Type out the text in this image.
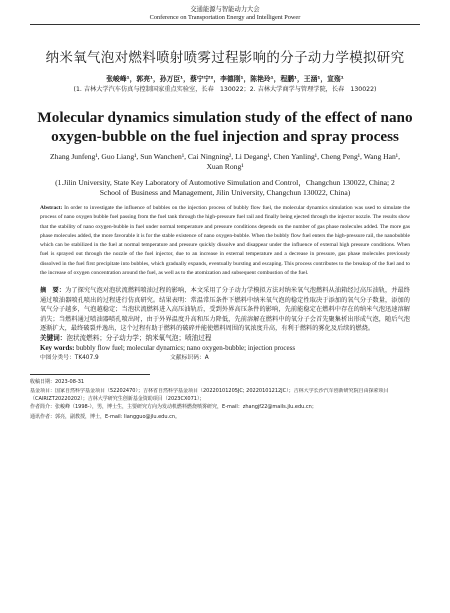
交通能源与智能动力大会
Conference on Transportation Energy and Intelligent Power
纳米氧气泡对燃料喷射喷雾过程影响的分子动力学模拟研究
张峻峰¹，郭亮¹，孙万臣¹，蔡宁宁²，李德刚¹，陈艳玲¹，程鹏¹，王涵¹，宣殇¹
(1. 吉林大学汽车仿真与控制国家重点实验室，长春　130022；2. 吉林大学商学与管理学院，长春　130022)
Molecular dynamics simulation study of the effect of nano oxygen-bubble on the fuel injection and spray process
Zhang Junfeng¹, Guo Liang¹, Sun Wanchen¹, Cai Ningning², Li Degang¹, Chen Yanling¹, Cheng Peng¹, Wang Han¹, Xuan Rong¹
(1.Jilin University, State Key Laboratory of Automotive Simulation and Control，Changchun 130022, China; 2 School of Business and Management, Jilin University, Changchun 130022, China)
Abstract: In order to investigate the influence of bubbles on the injection process of bubbly flow fuel, the molecular dynamics simulation was used to simulate the process of nano oxygen bubble fuel passing from the fuel tank through the high-pressure fuel rail and finally being ejected through the injector nozzle. The results show that the stability of nano oxygen-bubble in fuel under normal temperature and pressure conditions depends on the number of gas phase molecules added. The more gas phase molecules added, the more favorable it is for the stable existence of nano oxygen-bubble. When the bubbly flow fuel enters the high-pressure rail, the nanobubble which can be stabilized in the fuel at normal temperature and pressure quickly dissolve and disappear under the influence of external high pressure conditions. When fuel is sprayed out through the nozzle of the fuel injector, due to an increase in external temperature and a decrease in pressure, gas phase molecules previously dissolved in the fuel first precipitate into bubbles, which gradually expands, eventually bursting and escaping. This process contributes to the breakup of the fuel and to the increase of oxygen concentration around the fuel, as well as to the atomization and subsequent combustion of the fuel.
摘　要：为了探究气泡对泡状流燃料喷油过程的影响，本文采用了分子动力学模拟方法对纳米氧气泡燃料从油箱经过高压油轨，并最终通过喷油器喷孔喷出的过程进行仿真研究。结果表明：常温常压条件下燃料中纳米氧气泡的稳定性取决于添加的氧气分子数量，添加的氧气分子越多，气泡越稳定；当泡状流燃料进入高压油轨后，受到外界高压条件的影响，先前能稳定在燃料中存在的纳米气泡迅速溶解消失；当燃料通过喷油器喷孔喷出时，由于外界温度升高和压力降低，先前溶解在燃料中的氧分子会首先聚集析出形成气泡，随后气泡逐渐扩大，最终破裂并逸出，这个过程有助于燃料的破碎并能使燃料周围的氧浓度升高，有利于燃料的雾化及后续的燃烧。
关键词：泡状流燃料；分子动力学；纳米氧气泡；喷油过程
Key words: bubbly flow fuel; molecular dynamics; nano oxygen-bubble; injection process
中图分类号：TK407.9	文献标识码：A
收稿日期：2023-08-31
基金项目：国家自然科学基金项目（52202470）；吉林省自然科学基金项目（20220101205JC; 20220101212JC）；吉林大学长沙汽车创新研究院自由探索项目（CAIRIZT20220202）；吉林大学研究生创新基金资助项目（2023CX071）；
作者简介：张峻峰（1998-），男，博士生，主要研究方向为发动机燃料燃烧喷雾研究，E-mail：zhangjf22@mails.jlu.edu.cn；
通讯作者：郭亮，副教授，博士，E-mail: liangguo@jlu.edu.cn。
